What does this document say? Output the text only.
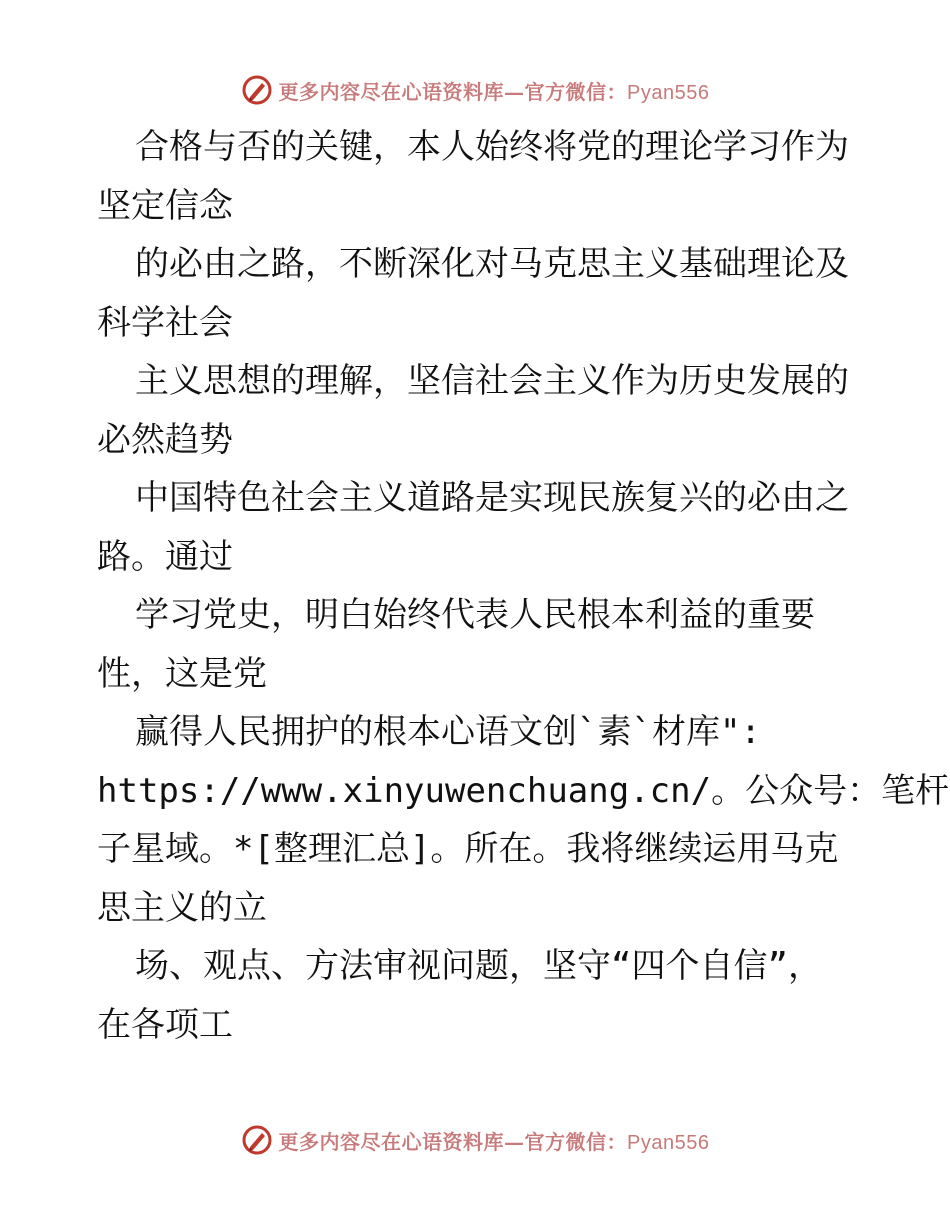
更多内容尽在心语资料库—官方微信：Pyan556
合格与否的关键，本人始终将党的理论学习作为
坚定信念
的必由之路，不断深化对马克思主义基础理论及
科学社会
主义思想的理解，坚信社会主义作为历史发展的
必然趋势
中国特色社会主义道路是实现民族复兴的必由之
路。通过
学习党史，明白始终代表人民根本利益的重要
性，这是党
赢得人民拥护的根本心语文创`素`材库":
https://www.xinyuwenchuang.cn/。公众号：笔杆
子星域。*[整理汇总]。所在。我将继续运用马克
思主义的立
场、观点、方法审视问题，坚守“四个自信”，
在各项工
更多内容尽在心语资料库—官方微信：Pyan556
